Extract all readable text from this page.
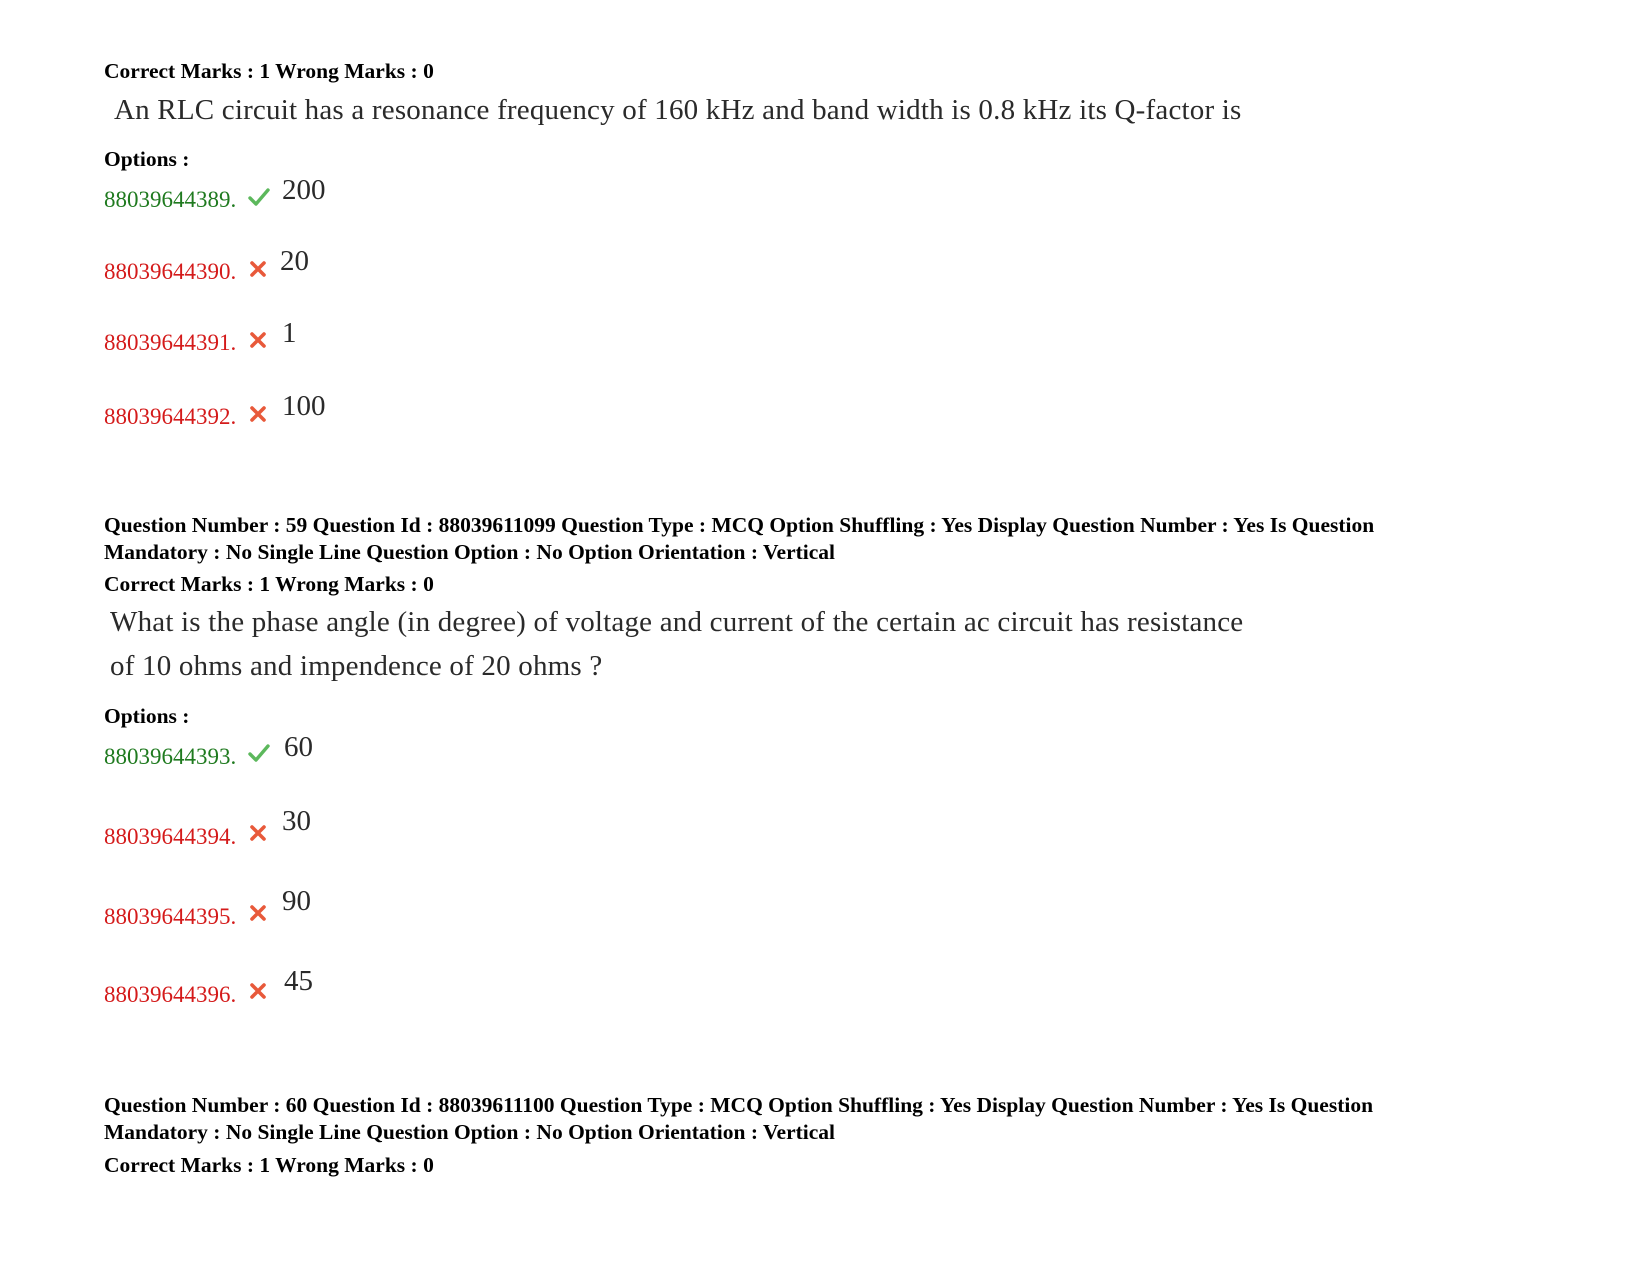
Correct Marks : 1 Wrong Marks : 0
An RLC circuit has a resonance frequency of 160 kHz and band width is 0.8 kHz its Q-factor is
Options :
88039644389. 200
88039644390. 20
88039644391. 1
88039644392. 100
Question Number : 59 Question Id : 88039611099 Question Type : MCQ Option Shuffling : Yes Display Question Number : Yes Is Question
Mandatory : No Single Line Question Option : No Option Orientation : Vertical
Correct Marks : 1 Wrong Marks : 0
What is the phase angle (in degree) of voltage and current of the certain ac circuit has resistance
of 10 ohms and impendence of 20 ohms ?
Options :
88039644393. 60
88039644394. 30
88039644395. 90
88039644396. 45
Question Number : 60 Question Id : 88039611100 Question Type : MCQ Option Shuffling : Yes Display Question Number : Yes Is Question
Mandatory : No Single Line Question Option : No Option Orientation : Vertical
Correct Marks : 1 Wrong Marks : 0
